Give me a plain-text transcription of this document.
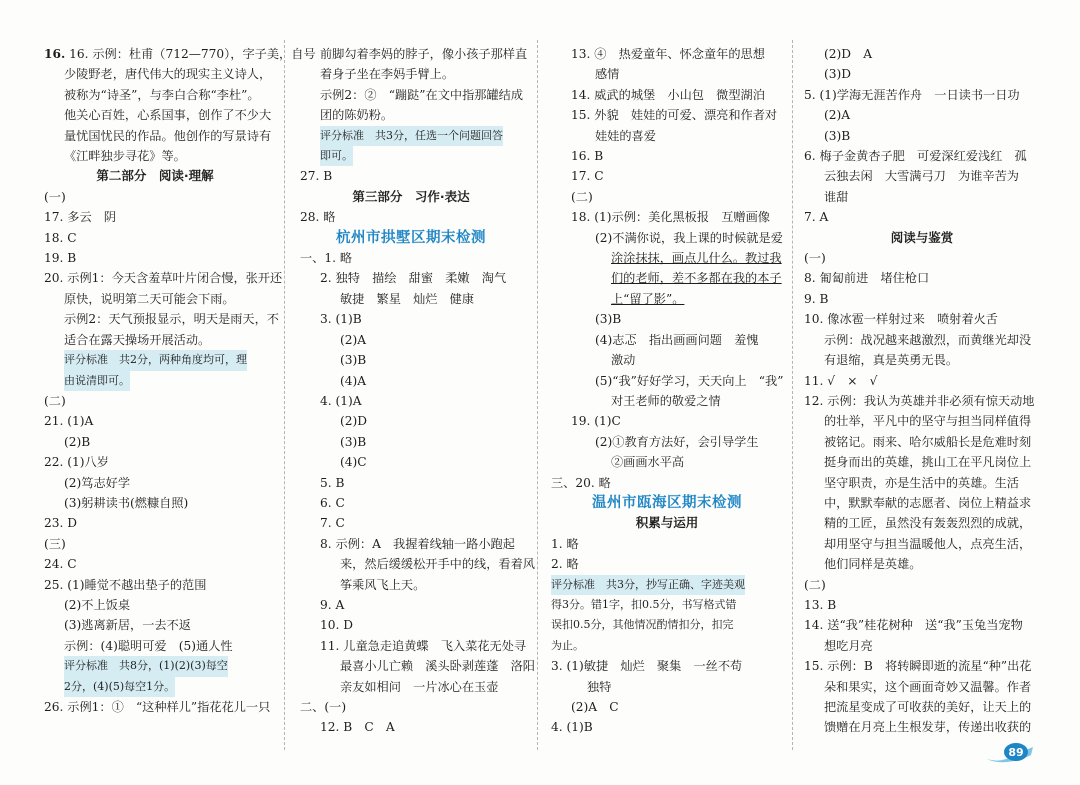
16. 16. 示例：杜甫（712—770），字子美，自号
少陵野老，唐代伟大的现实主义诗人，
被称为“诗圣”，与李白合称“李杜”。
他关心百姓，心系国事，创作了不少大
量忧国忧民的作品。他创作的写景诗有
《江畔独步寻花》等。
第二部分　阅读·理解
(一)
17. 多云　阴
18. C
19. B
20. 示例1：今天含羞草叶片闭合慢，张开还
原快，说明第二天可能会下雨。
示例2：天气预报显示，明天是雨天，不
适合在露天操场开展活动。
评分标准　共2分，两种角度均可，理
由说清即可。
(二)
21. (1)A
(2)B
22. (1)八岁
(2)笃志好学
(3)躬耕读书(燃糠自照)
23. D
(三)
24. C
25. (1)睡觉不越出垫子的范围
(2)不上饭桌
(3)逃离新居，一去不返
示例：(4)聪明可爱　(5)通人性
评分标准　共8分，(1)(2)(3)每空
2分，(4)(5)每空1分。
26. 示例1：①　“这种样儿”指花花儿一只
前脚勾着李妈的脖子，像小孩子那样直
着身子坐在李妈手臂上。
示例2：②　“蹦跶”在文中指那罐结成
团的陈奶粉。
评分标准　共3分，任选一个问题回答
即可。
27. B
第三部分　习作·表达
28. 略
杭州市拱墅区期末检测
一、1. 略
2. 独特　描绘　甜蜜　柔嫩　淘气
敏捷　繁星　灿烂　健康
3. (1)B
(2)A
(3)B
(4)A
4. (1)A
(2)D
(3)B
(4)C
5. B
6. C
7. C
8. 示例：A　我握着线轴一路小跑起
来，然后缓缓松开手中的线，看着风
筝乘风飞上天。
9. A
10. D
11. 儿童急走追黄蝶　飞入菜花无处寻
最喜小儿亡赖　溪头卧剥莲蓬　洛阳
亲友如相问　一片冰心在玉壶
二、(一)
12. B　C　A
13. ④　热爱童年、怀念童年的思想
感情
14. 威武的城堡　小山包　微型湖泊
15. 外貌　娃娃的可爱、漂亮和作者对
娃娃的喜爱
16. B
17. C
(二)
18. (1)示例：美化黑板报　互赠画像
(2)不满你说，我上课的时候就是爱
涂涂抹抹，画点儿什么。教过我
们的老师，差不多都在我的本子
上“留了影”。
(3)B
(4)志忑　指出画画问题　羞愧
激动
(5)“我”好好学习，天天向上　“我”
对王老师的敬爱之情
19. (1)C
(2)①教育方法好，会引导学生
②画画水平高
三、20. 略
温州市瓯海区期末检测
积累与运用
1. 略
2. 略
评分标准　共3分，抄写正确、字迹美观
得3分。错1字，扣0.5分，书写格式错
误扣0.5分，其他情况酌情扣分，扣完
为止。
3. (1)敏捷　灿烂　聚集　一丝不苟
独特
(2)A　C
4. (1)B
(2)D　A
(3)D
5. (1)学海无涯苦作舟　一日读书一日功
(2)A
(3)B
6. 梅子金黄杏子肥　可爱深红爱浅红　孤
云独去闲　大雪满弓刀　为谁辛苦为
谁甜
7. A
阅读与鉴赏
(一)
8. 匍匐前进　堵住枪口
9. B
10. 像冰雹一样射过来　喷射着火舌
示例：战况越来越激烈，而黄继光却没
有退缩，真是英勇无畏。
11. √　×　√
12. 示例：我认为英雄并非必须有惊天动地
的壮举，平凡中的坚守与担当同样值得
被铭记。雨来、哈尔威船长是危难时刻
挺身而出的英雄，挑山工在平凡岗位上
坚守职责，亦是生活中的英雄。生活
中，默默奉献的志愿者、岗位上精益求
精的工匠，虽然没有轰轰烈烈的成就，
却用坚守与担当温暖他人，点亮生活，
他们同样是英雄。
(二)
13. B
14. 送“我”桂花树种　送“我”玉兔当宠物
想吃月亮
15. 示例：B　将转瞬即逝的流星“种”出花
朵和果实，这个画面奇妙又温馨。作者
把流星变成了可收获的美好，让天上的
馈赠在月亮上生根发芽，传递出收获的
89
